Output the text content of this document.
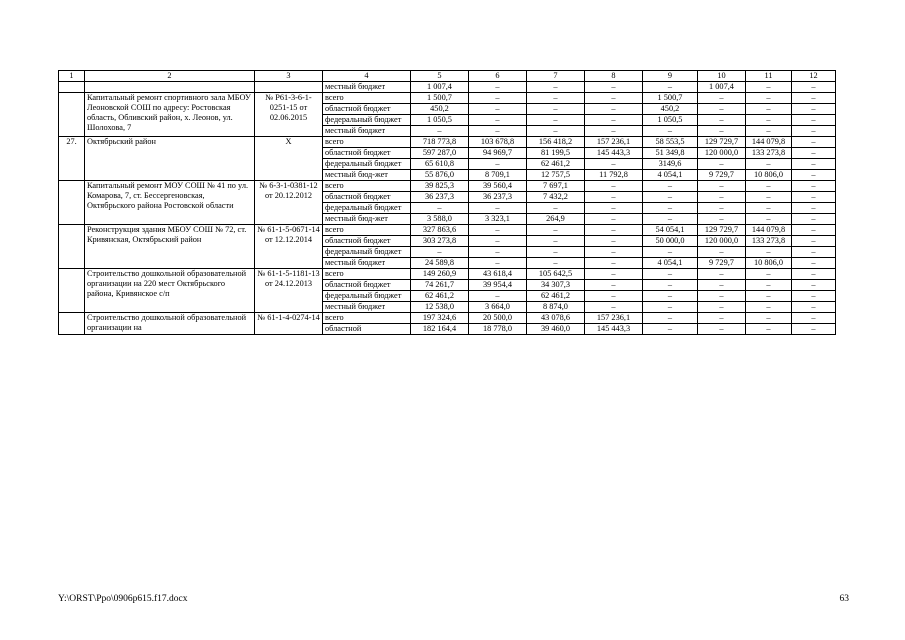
1	2	3	4	5	6	7	8	9	10	11	12
			местный бюджет	1 007,4	–	–	–	–	1 007,4	–	–
	Капитальный ремонт спортивного зала МБОУ Леоновской СОШ по адресу: Ростовская область, Обливский район, х. Леонов, ул. Шолохова, 7	№ Р61-3-6-1-0251-15 от 02.06.2015	всего	1 500,7	–	–	–	1 500,7	–	–	–
			областной бюджет	450,2	–	–	–	450,2	–	–	–
			федеральный бюджет	1 050,5	–	–	–	1 050,5	–	–	–
			местный бюджет	–	–	–	–	–	–	–	–
27.	Октябрьский район	Х	всего	718 773,8	103 678,8	156 418,2	157 236,1	58 553,5	129 729,7	144 079,8	–
			областной бюджет	597 287,0	94 969,7	81 199,5	145 443,3	51 349,8	120 000,0	133 273,8	–
			федеральный бюджет	65 610,8	–	62 461,2	–	3149,6	–	–	–
			местный бюд-жет	55 876,0	8 709,1	12 757,5	11 792,8	4 054,1	9 729,7	10 806,0	–
	Капитальный ремонт МОУ СОШ № 41 по ул. Комарова, 7, ст. Бессергеновская, Октябрьского района Ростовской области	№ 6-3-1-0381-12 от 20.12.2012	всего	39 825,3	39 560,4	7 697,1	–	–	–	–	–
			областной бюджет	36 237,3	36 237,3	7 432,2	–	–	–	–	–
			федеральный бюджет	–	–	–	–	–	–	–	–
			местный бюд-жет	3 588,0	3 323,1	264,9	–	–	–	–	–
	Реконструкция здания МБОУ СОШ № 72, ст. Кривянская, Октябрьский район	№ 61-1-5-0671-14 от 12.12.2014	всего	327 863,6	–	–	–	54 054,1	129 729,7	144 079,8	–
			областной бюджет	303 273,8	–	–	–	50 000,0	120 000,0	133 273,8	–
			федеральный бюджет	–	–	–	–	–	–	–	–
			местный бюджет	24 589,8	–	–	–	4 054,1	9 729,7	10 806,0	–
	Строительство дошкольной образовательной организации на 220 мест Октябрьского района, Кривянское с/п	№ 61-1-5-1181-13 от 24.12.2013	всего	149 260,9	43 618,4	105 642,5	–	–	–	–	–
			областной бюджет	74 261,7	39 954,4	34 307,3	–	–	–	–	–
			федеральный бюджет	62 461,2	–	62 461,2	–	–	–	–	–
			местный бюджет	12 538,0	3 664,0	8 874,0	–	–	–	–	–
	Строительство дошкольной образовательной организации на	№ 61-1-4-0274-14	всего	197 324,6	20 500,0	43 078,6	157 236,1	–	–	–	–
			областной	182 164,4	18 778,0	39 460,0	145 443,3	–	–	–	–
Y:\ORST\Ppo\0906p615.f17.docx	63
